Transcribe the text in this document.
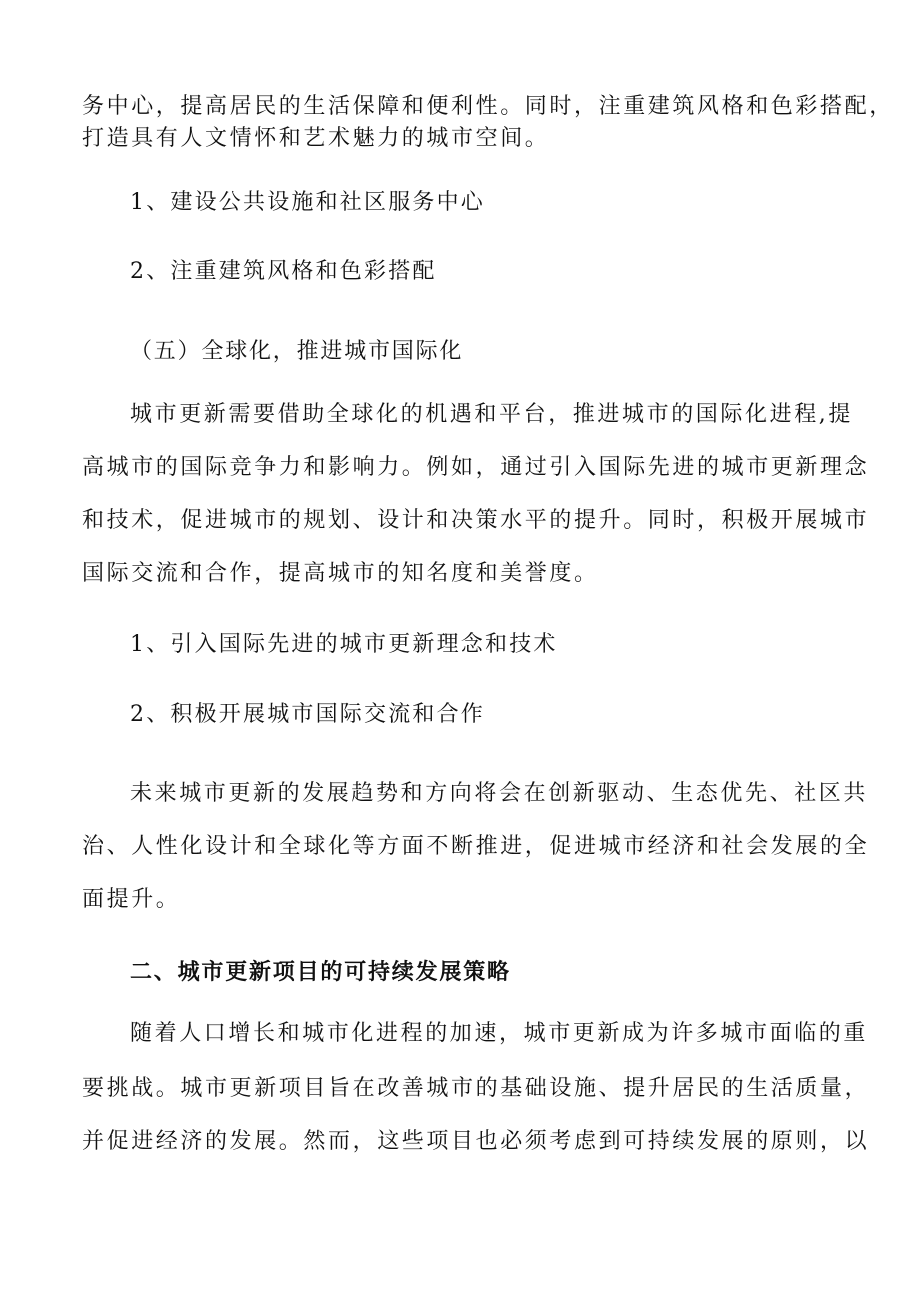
务中心，提高居民的生活保障和便利性。同时，注重建筑风格和色彩搭配，

打造具有人文情怀和艺术魅力的城市空间。

1、建设公共设施和社区服务中心

2、注重建筑风格和色彩搭配

（五）全球化，推进城市国际化

城市更新需要借助全球化的机遇和平台，推进城市的国际化进程,提

高城市的国际竞争力和影响力。例如，通过引入国际先进的城市更新理念

和技术，促进城市的规划、设计和决策水平的提升。同时，积极开展城市

国际交流和合作，提高城市的知名度和美誉度。

1、引入国际先进的城市更新理念和技术

2、积极开展城市国际交流和合作

未来城市更新的发展趋势和方向将会在创新驱动、生态优先、社区共

治、人性化设计和全球化等方面不断推进，促进城市经济和社会发展的全

面提升。

二、城市更新项目的可持续发展策略

随着人口增长和城市化进程的加速，城市更新成为许多城市面临的重

要挑战。城市更新项目旨在改善城市的基础设施、提升居民的生活质量，

并促进经济的发展。然而，这些项目也必须考虑到可持续发展的原则，以
